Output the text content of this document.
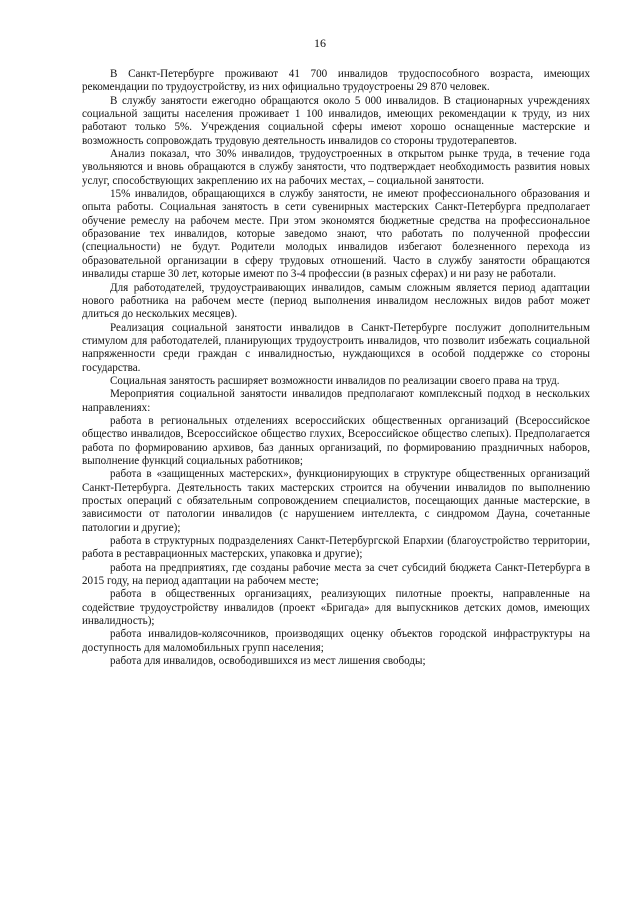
16

В Санкт-Петербурге проживают 41 700 инвалидов трудоспособного возраста, имеющих рекомендации по трудоустройству, из них официально трудоустроены 29 870 человек.

В службу занятости ежегодно обращаются около 5 000 инвалидов. В стационарных учреждениях социальной защиты населения проживает 1 100 инвалидов, имеющих рекомендации к труду, из них работают только 5%. Учреждения социальной сферы имеют хорошо оснащенные мастерские и возможность сопровождать трудовую деятельность инвалидов со стороны трудотерапевтов.

Анализ показал, что 30% инвалидов, трудоустроенных в открытом рынке труда, в течение года увольняются и вновь обращаются в службу занятости, что подтверждает необходимость развития новых услуг, способствующих закреплению их на рабочих местах, – социальной занятости.

15% инвалидов, обращающихся в службу занятости, не имеют профессионального образования и опыта работы. Социальная занятость в сети сувенирных мастерских Санкт-Петербурга предполагает обучение ремеслу на рабочем месте. При этом экономятся бюджетные средства на профессиональное образование тех инвалидов, которые заведомо знают, что работать по полученной профессии (специальности) не будут. Родители молодых инвалидов избегают болезненного перехода из образовательной организации в сферу трудовых отношений. Часто в службу занятости обращаются инвалиды старше 30 лет, которые имеют по 3-4 профессии (в разных сферах) и ни разу не работали.

Для работодателей, трудоустраивающих инвалидов, самым сложным является период адаптации нового работника на рабочем месте (период выполнения инвалидом несложных видов работ может длиться до нескольких месяцев).

Реализация социальной занятости инвалидов в Санкт-Петербурге послужит дополнительным стимулом для работодателей, планирующих трудоустроить инвалидов, что позволит избежать социальной напряженности среди граждан с инвалидностью, нуждающихся в особой поддержке со стороны государства.

Социальная занятость расширяет возможности инвалидов по реализации своего права на труд.

Мероприятия социальной занятости инвалидов предполагают комплексный подход в нескольких направлениях:

работа в региональных отделениях всероссийских общественных организаций (Всероссийское общество инвалидов, Всероссийское общество глухих, Всероссийское общество слепых). Предполагается работа по формированию архивов, баз данных организаций, по формированию праздничных наборов, выполнение функций социальных работников;

работа в «защищенных мастерских», функционирующих в структуре общественных организаций Санкт-Петербурга. Деятельность таких мастерских строится на обучении инвалидов по выполнению простых операций с обязательным сопровождением специалистов, посещающих данные мастерские, в зависимости от патологии инвалидов (с нарушением интеллекта, с синдромом Дауна, сочетанные патологии и другие);

работа в структурных подразделениях Санкт-Петербургской Епархии (благоустройство территории, работа в реставрационных мастерских, упаковка и другие);

работа на предприятиях, где созданы рабочие места за счет субсидий бюджета Санкт-Петербурга в 2015 году, на период адаптации на рабочем месте;

работа в общественных организациях, реализующих пилотные проекты, направленные на содействие трудоустройству инвалидов (проект «Бригада» для выпускников детских домов, имеющих инвалидность);

работа инвалидов-колясочников, производящих оценку объектов городской инфраструктуры на доступность для маломобильных групп населения;

работа для инвалидов, освободившихся из мест лишения свободы;
